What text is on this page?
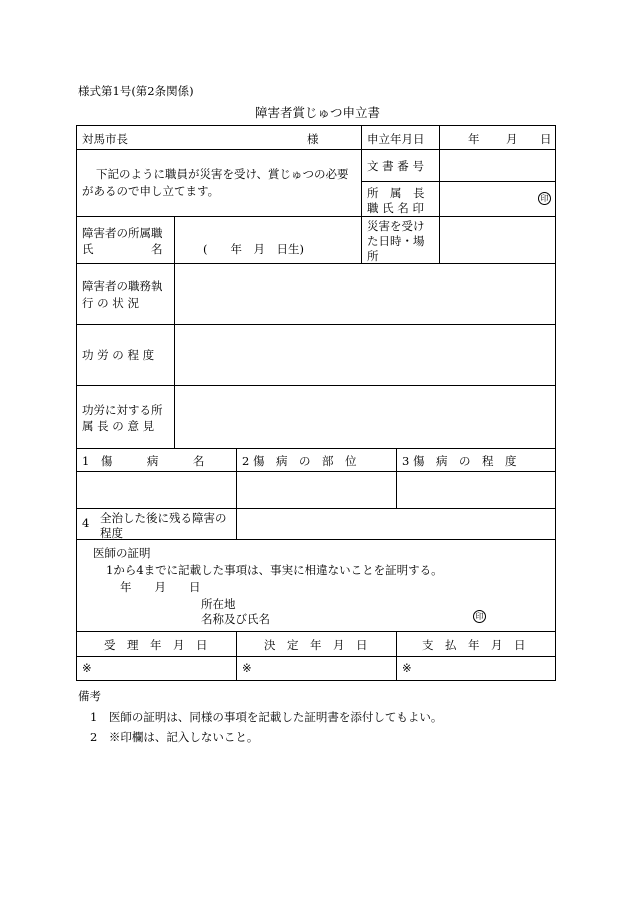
様式第1号(第2条関係)
障害者賞じゅつ申立書
対馬市長	様	申立年月日	年 月 日
下記のように職員が災害を受け、賞じゅつの必要
があるので申し立てます。
文 書 番 号
所　属　長
職 氏 名 印
印
障害者の所属職
氏　　　　　名	(　　年　月　日生)
災害を受け
た日時・場
所
障害者の職務執
行 の 状 況
功 労 の 程 度
功労に対する所
属 長 の 意 見
1　傷　　　病　　　名	2 傷　病　の　部　位	3 傷　病　の　程　度
4 全治した後に残る障害の
程度
医師の証明
1から4までに記載した事項は、事実に相違ないことを証明する。
年　　月　　日
所在地
名称及び氏名	印
受　理　年　月　日	決　定　年　月　日	支　払　年　月　日
※	※	※
備考
1　医師の証明は、同様の事項を記載した証明書を添付してもよい。
2　※印欄は、記入しないこと。
